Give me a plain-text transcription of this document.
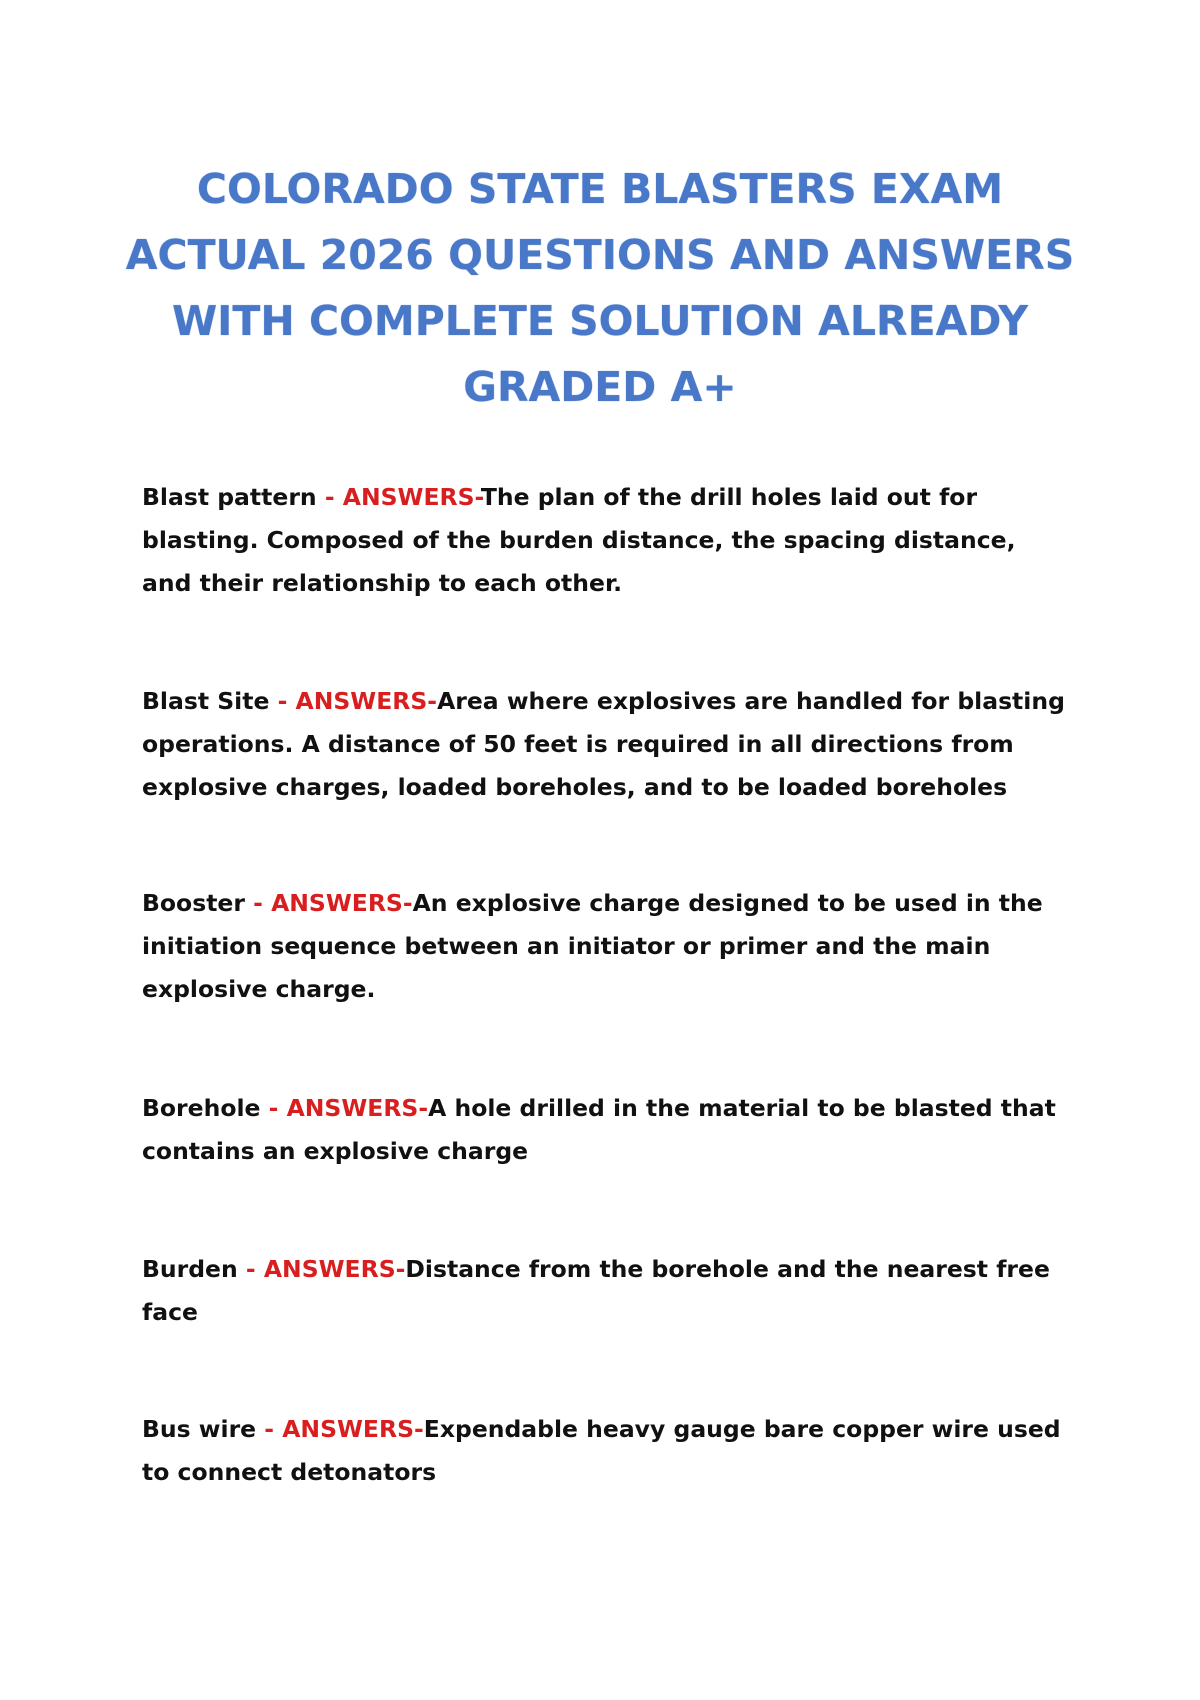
COLORADO STATE BLASTERS EXAM
ACTUAL 2026 QUESTIONS AND ANSWERS
WITH COMPLETE SOLUTION ALREADY
GRADED A+

Blast pattern - ANSWERS-The plan of the drill holes laid out for blasting. Composed of the burden distance, the spacing distance, and their relationship to each other.

Blast Site - ANSWERS-Area where explosives are handled for blasting operations. A distance of 50 feet is required in all directions from explosive charges, loaded boreholes, and to be loaded boreholes

Booster - ANSWERS-An explosive charge designed to be used in the initiation sequence between an initiator or primer and the main explosive charge.

Borehole - ANSWERS-A hole drilled in the material to be blasted that contains an explosive charge

Burden - ANSWERS-Distance from the borehole and the nearest free face

Bus wire - ANSWERS-Expendable heavy gauge bare copper wire used to connect detonators
